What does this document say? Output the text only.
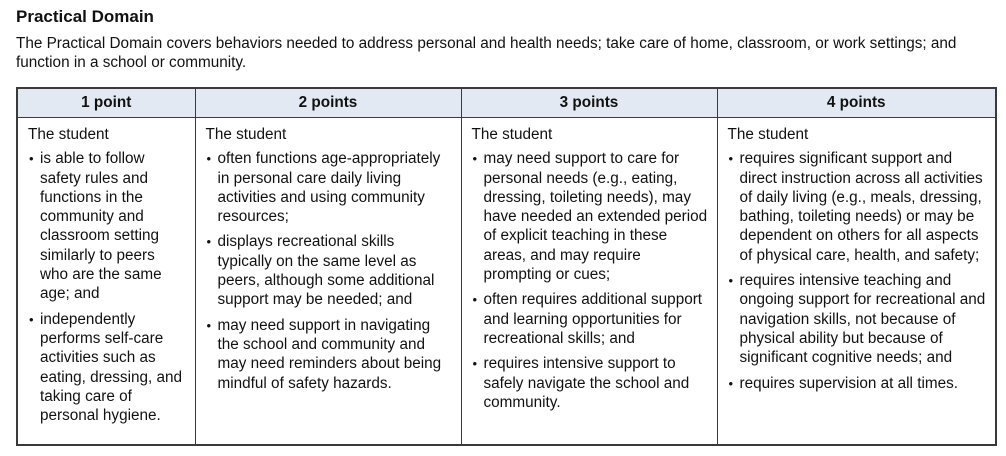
Practical Domain

The Practical Domain covers behaviors needed to address personal and health needs; take care of home, classroom, or work settings; and function in a school or community.

1 point	2 points	3 points	4 points

The student

• is able to follow safety rules and functions in the community and classroom setting similarly to peers who are the same age; and
• independently performs self-care activities such as eating, dressing, and taking care of personal hygiene.

The student

• often functions age-appropriately in personal care daily living activities and using community resources;
• displays recreational skills typically on the same level as peers, although some additional support may be needed; and
• may need support in navigating the school and community and may need reminders about being mindful of safety hazards.

The student

• may need support to care for personal needs (e.g., eating, dressing, toileting needs), may have needed an extended period of explicit teaching in these areas, and may require prompting or cues;
• often requires additional support and learning opportunities for recreational skills; and
• requires intensive support to safely navigate the school and community.

The student

• requires significant support and direct instruction across all activities of daily living (e.g., meals, dressing, bathing, toileting needs) or may be dependent on others for all aspects of physical care, health, and safety;
• requires intensive teaching and ongoing support for recreational and navigation skills, not because of physical ability but because of significant cognitive needs; and
• requires supervision at all times.
